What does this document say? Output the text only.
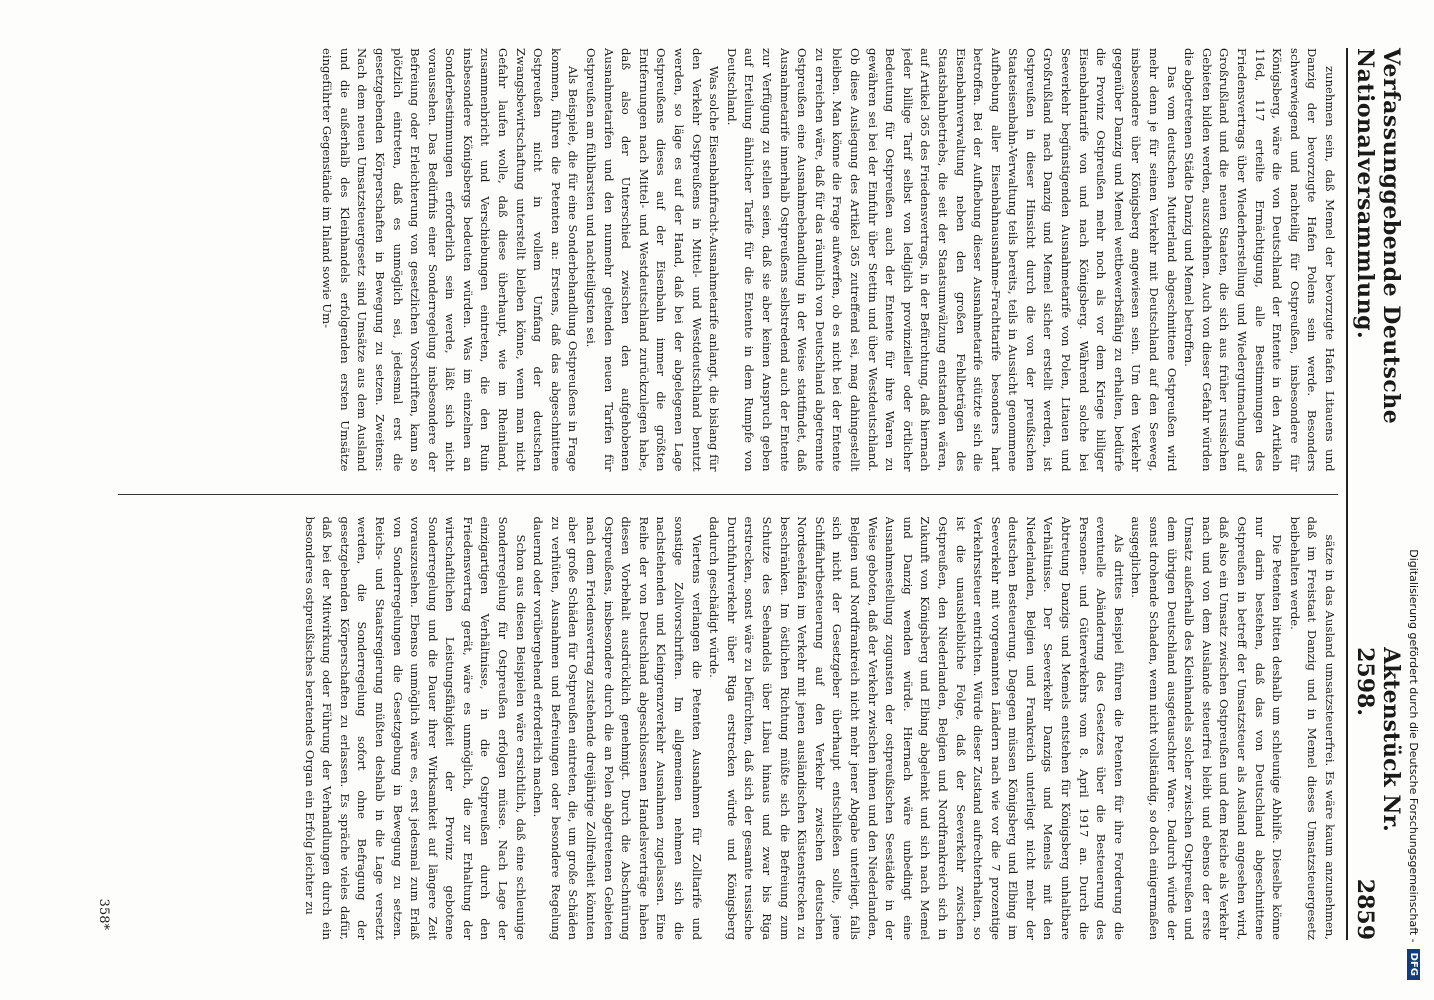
Digitalisierung gefördert durch die Deutsche Forschungsgemeinschaft -
DFG
Verfassunggebende Deutsche Nationalversammlung.
Aktenstück Nr. 2598.
2859

zunehmen sein, daß Memel der bevorzugte Hafen Litauens und Danzig der bevorzugte Hafen Polens sein werde. Besonders schwerwiegend und nachteilig für Ostpreußen, insbesondere für Königsberg, wäre die von Deutschland der Entente in den Artikeln 116d, 117 erteilte Ermächtigung, alle Bestimmungen des Friedensvertrags über Wiederherstellung und Wiedergutmachung auf Großrußland und die neuen Staaten, die sich aus früher russischen Gebieten bilden werden, auszudehnen. Auch von dieser Gefahr würden die abgetretenen Städte Danzig und Memel betroffen.

Das vom deutschen Mutterland abgeschnittene Ostpreußen wird mehr denn je für seinen Verkehr mit Deutschland auf den Seeweg, insbesondere über Königsberg angewiesen sein. Um den Verkehr gegenüber Danzig und Memel wettbewerbsfähig zu erhalten, bedürfe die Provinz Ostpreußen mehr noch als vor dem Kriege billiger Eisenbahntarife von und nach Königsberg. Während solche bei Seeverkehr begünstigenden Ausnahmetarife von Polen, Litauen und Großrußland nach Danzig und Memel sicher erstellt werden, ist Ostpreußen in dieser Hinsicht durch die von der preußischen Staatseisenbahn-Verwaltung teils bereits, teils in Aussicht genommene Aufhebung aller Eisenbahnausnahme-Frachttarife besonders hart betroffen. Bei der Aufhebung dieser Ausnahmetarife stützte sich die Eisenbahnverwaltung neben den großen Fehlbeträgen des Staatsbahnbetriebs, die seit der Staatsumwälzung entstanden wären, auf Artikel 365 des Friedensvertrags, in der Befürchtung, daß hiernach jeder billige Tarif selbst von lediglich provinzieller oder örtlicher Bedeutung für Ostpreußen auch der Entente für ihre Waren zu gewähren sei bei der Einfuhr über Stettin und über Westdeutschland. Ob diese Auslegung des Artikel 365 zutreffend sei, mag dahingestellt bleiben. Man könne die Frage aufwerfen, ob es nicht bei der Entente zu erreichen wäre, daß für das räumlich von Deutschland abgetrennte Ostpreußen eine Ausnahmebehandlung in der Weise stattfindet, daß Ausnahmetarife innerhalb Ostpreußens selbstredend auch der Entente zur Verfügung zu stellen seien, daß sie aber keinen Anspruch geben auf Erteilung ähnlicher Tarife für die Entente in dem Rumpfe von Deutschland.

Was solche Eisenbahnfracht-Ausnahmetarife anlangt, die bislang für den Verkehr Ostpreußens in Mittel- und Westdeutschland benutzt werden, so läge es auf der Hand, daß bei der abgelegenen Lage Ostpreußens dieses auf der Eisenbahn immer die größten Entfernungen nach Mittel- und Westdeutschland zurückzulegen habe, daß also der Unterschied zwischen den aufgehobenen Ausnahmetarifen und den nunmehr geltenden neuen Tarifen für Ostpreußen am fühlbarsten und nachteiligsten sei.

Als Beispiele, die für eine Sonderbehandlung Ostpreußens in Frage kommen, führen die Petenten an: Erstens, daß das abgeschnittene Ostpreußen nicht in vollem Umfang der deutschen Zwangsbewirtschaftung unterstellt bleiben könne, wenn man nicht Gefahr laufen wolle, daß diese überhaupt, wie im Rheinland, zusammenbricht und Verschiebungen eintreten, die den Ruin insbesondere Königsbergs bedeuten würden. Was im einzelnen an Sonderbestimmungen erforderlich sein werde, läßt sich nicht voraussehen. Das Bedürfnis einer Sonderregelung insbesondere der Befreiung oder Erleichterung von gesetzlichen Vorschriften, kann so plötzlich eintreten, daß es unmöglich sei, jedesmal erst die gesetzgebenden Körperschaften in Bewegung zu setzen. Zweitens: Nach dem neuen Umsatzsteuergesetz sind Umsätze aus dem Ausland und die außerhalb des Kleinhandels erfolgenden ersten Umsätze eingeführter Gegenstände im Inland sowie Um-

sätze in das Ausland umsatzsteuerfrei. Es wäre kaum anzunehmen, daß im Freistaat Danzig und in Memel dieses Umsatzsteuergesetz beibehalten werde.

Die Petenten bitten deshalb um schleunige Abhilfe. Dieselbe könne nur darin bestehen, daß das von Deutschland abgeschnittene Ostpreußen in betreff der Umsatzsteuer als Ausland angesehen wird, daß also ein Umsatz zwischen Ostpreußen und dem Reiche als Verkehr nach und von dem Auslande steuerfrei bleibt und ebenso der erste Umsatz außerhalb des Kleinhandels solcher zwischen Ostpreußen und dem übrigen Deutschland ausgetauschter Ware. Dadurch würde der sonst drohende Schaden, wenn nicht vollständig, so doch einigermaßen ausgeglichen.

Als drittes Beispiel führen die Petenten für ihre Forderung die eventuelle Abänderung des Gesetzes über die Besteuerung des Personen- und Güterverkehrs vom 8. April 1917 an. Durch die Abtretung Danzigs und Memels entstehen für Königsberg unhaltbare Verhältnisse. Der Seeverkehr Danzigs und Memels mit den Niederlanden, Belgien und Frankreich unterliegt nicht mehr der deutschen Besteuerung. Dagegen müssen Königsberg und Elbing im Seeverkehr mit vorgenannten Ländern nach wie vor die 7 prozentige Verkehrssteuer entrichten. Würde dieser Zustand aufrechterhalten, so ist die unausbleibliche Folge, daß der Seeverkehr zwischen Ostpreußen, den Niederlanden, Belgien und Nordfrankreich sich in Zukunft von Königsberg und Elbing abgelenkt und sich nach Memel und Danzig wenden würde. Hiernach wäre unbedingt eine Ausnahmestellung zugunsten der ostpreußischen Seestädte in der Weise geboten, daß der Verkehr zwischen ihnen und den Niederlanden, Belgien und Nordfrankreich nicht mehr jener Abgabe unterliegt, falls sich nicht der Gesetzgeber überhaupt entschließen sollte, jene Schiffahrtbesteuerung auf den Verkehr zwischen deutschen Nordseehäfen im Verkehr mit jenen ausländischen Küstenstrecken zu beschränken. Im östlichen Richtung müßte sich die Befreiung zum Schutze des Seehandels über Libau hinaus und zwar bis Riga erstrecken, sonst wäre zu befürchten, daß sich der gesamte russische Durchfuhrverkehr über Riga erstrecken würde und Königsberg dadurch geschädigt würde.

Viertens verlangen die Petenten Ausnahmen für Zolltarife und sonstige Zollvorschriften. Im allgemeinen nehmen sich die nachstehenden und Kleingrenzverkehr Ausnahmen zugelassen. Eine Reihe der von Deutschland abgeschlossenen Handelsverträge haben diesen Vorbehalt ausdrücklich genehmigt. Durch die Abschnürung Ostpreußens, insbesondere durch die an Polen abgetretenen Gebieten nach dem Friedensvertrag zustehende dreijährige Zollfreiheit könnten aber große Schäden für Ostpreußen eintreten, die, um große Schäden zu verhüten, Ausnahmen und Befreiungen oder besondere Regelung dauernd oder vorübergehend erforderlich machen.

Schon aus diesen Beispielen wäre ersichtlich, daß eine schleunige Sonderregelung für Ostpreußen erfolgen müsse. Nach Lage der einzigartigen Verhältnisse, in die Ostpreußen durch den Friedensvertrag gerät, wäre es unmöglich, die zur Erhaltung der wirtschaftlichen Leistungsfähigkeit der Provinz gebotene Sonderregelung und die Dauer ihrer Wirksamkeit auf längere Zeit vorauszusehen. Ebenso unmöglich wäre es, erst jedesmal zum Erlaß von Sonderregelungen die Gesetzgebung in Bewegung zu setzen. Reichs- und Staatsregierung müßten deshalb in die Lage versetzt werden, die Sonderregelung sofort ohne Befragung der gesetzgebenden Körperschaften zu erlassen. Es spräche vieles dafür, daß bei der Mitwirkung oder Führung der Verhandlungen durch ein besonderes ostpreußisches beratendes Organ ein Erfolg leichter zu

358*
